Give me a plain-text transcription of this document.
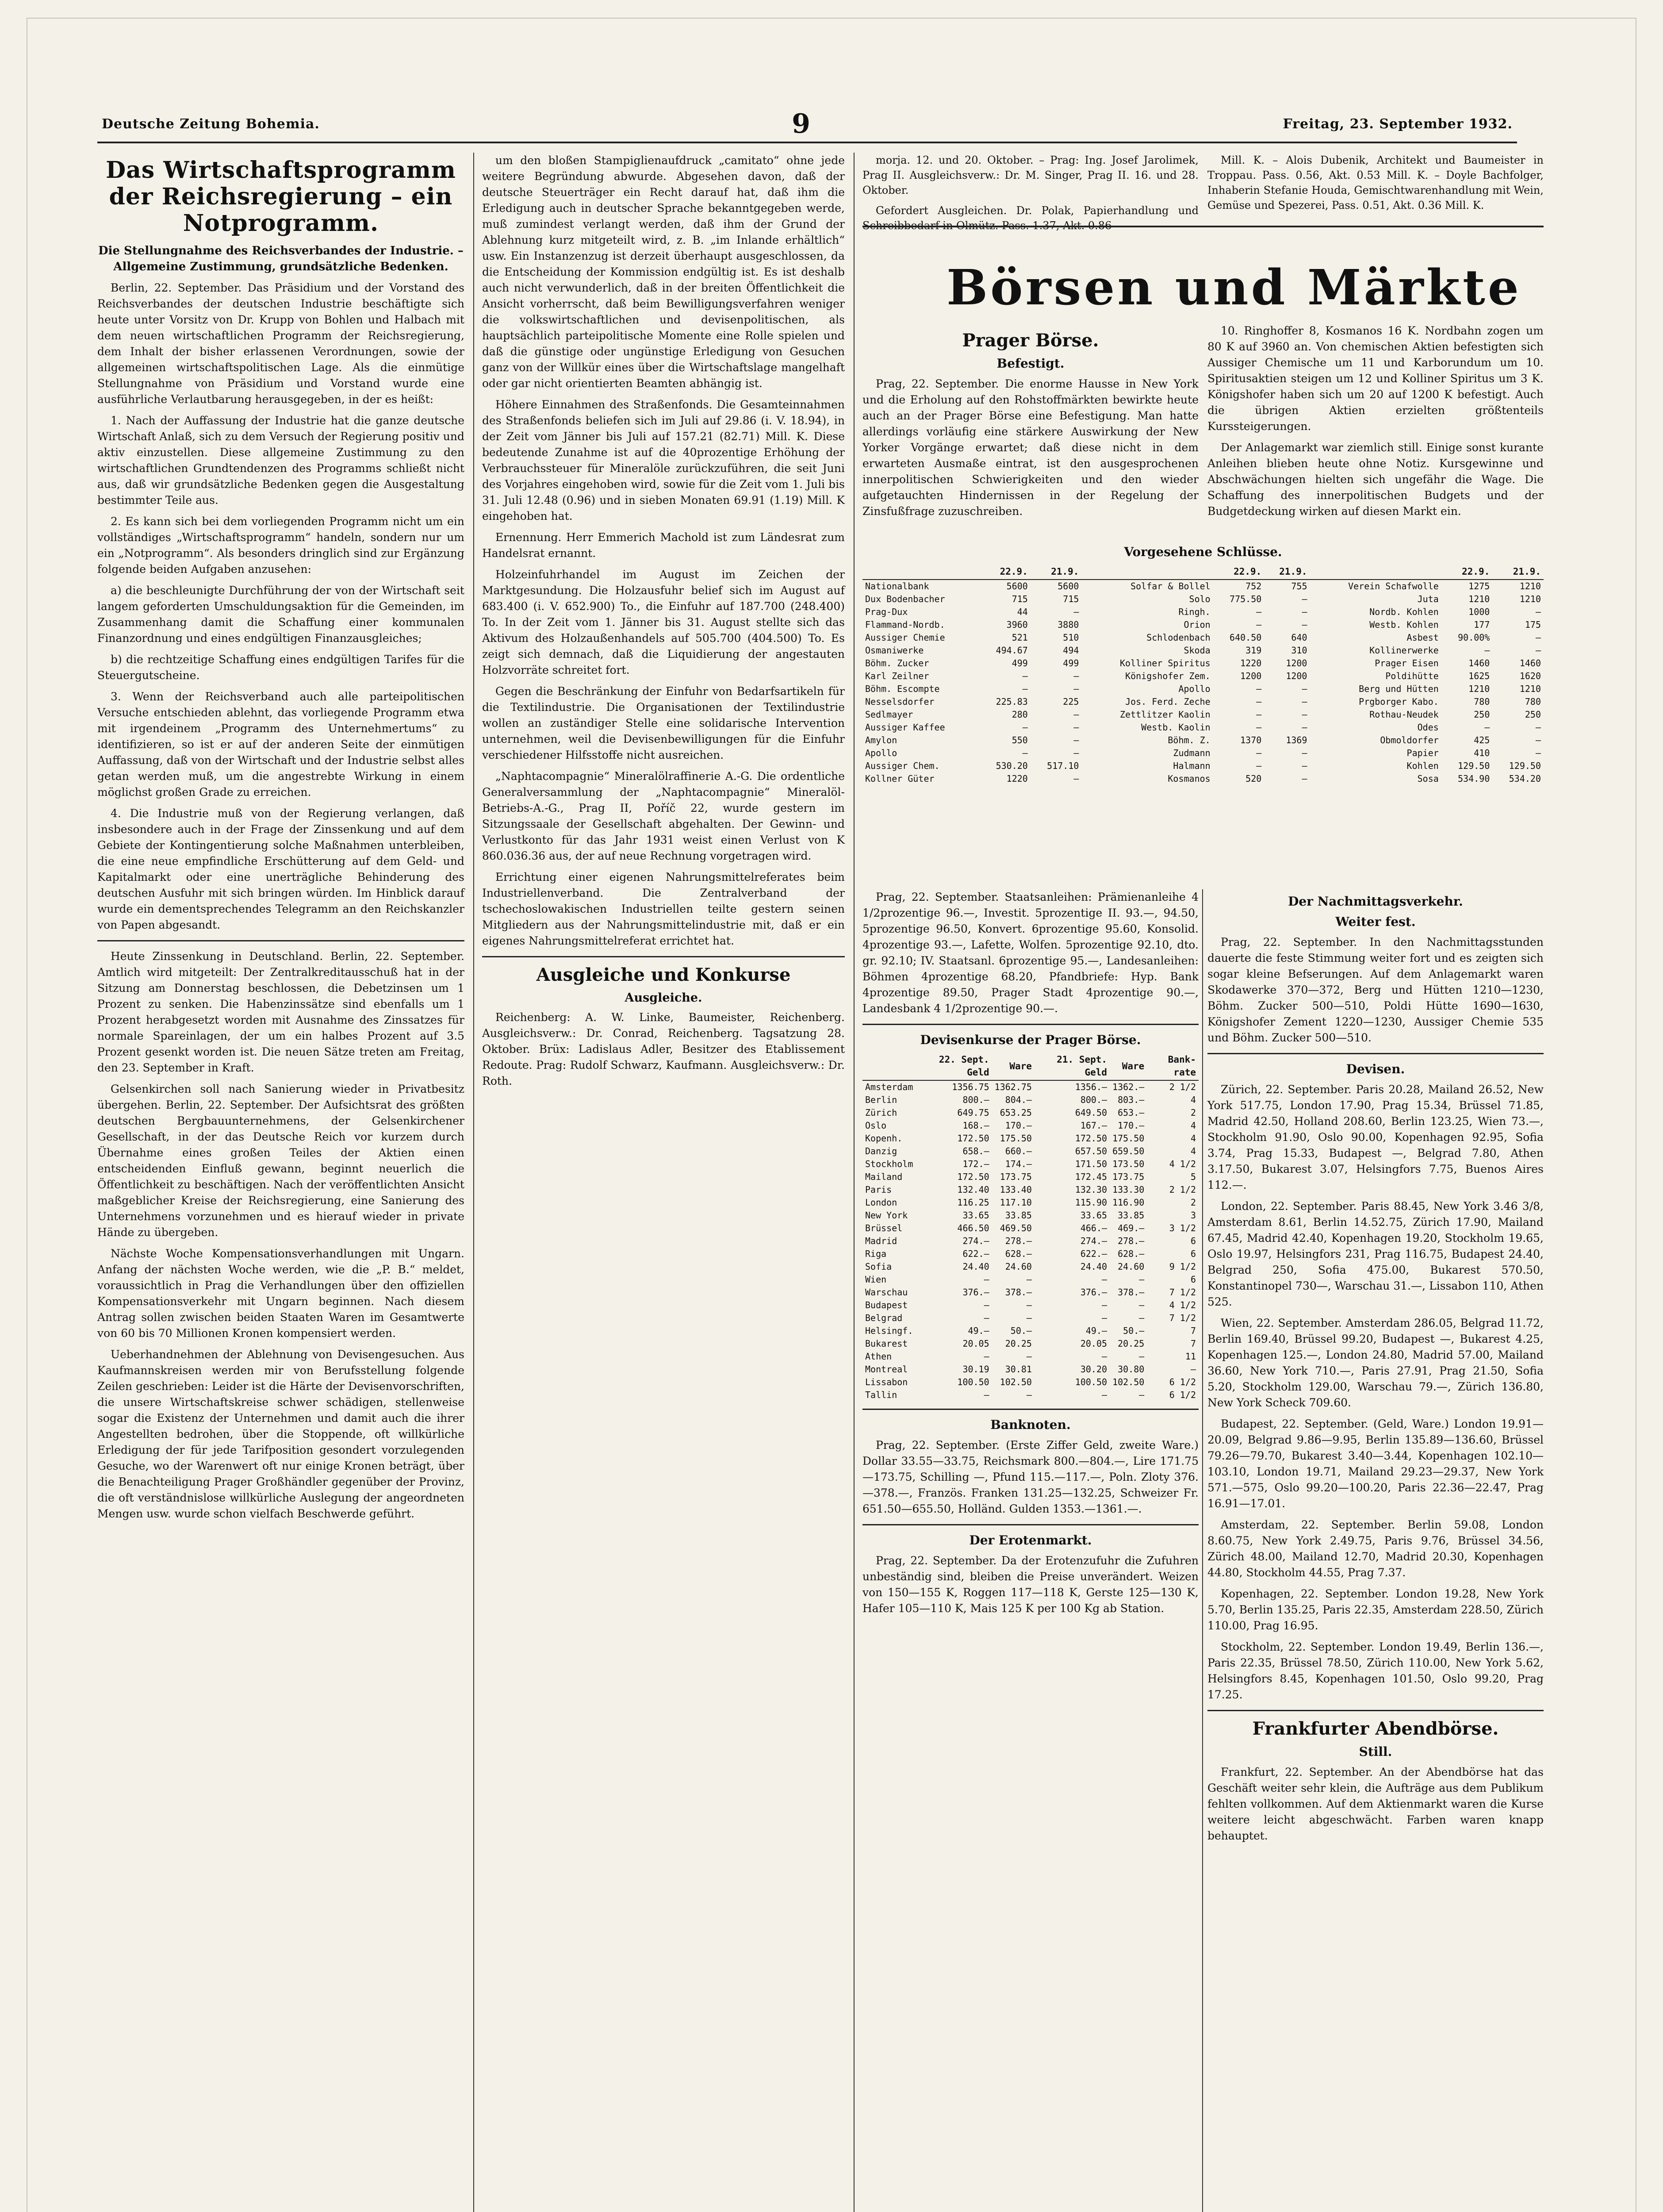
Deutsche Zeitung Bohemia.	9	Freitag, 23. September 1932.
Das Wirtschaftsprogramm der Reichsregierung – ein Notprogramm.
Die Stellungnahme des Reichsverbandes der Industrie. – Allgemeine Zustimmung, grundsätzliche Bedenken.

Berlin, 22. September. Das Präsidium und der Vorstand des Reichsverbandes der deutschen Industrie beschäftigte sich heute unter Vorsitz von Dr. Krupp von Bohlen und Halbach mit dem neuen wirtschaftlichen Programm der Reichsregierung, dem Inhalt der bisher erlassenen Verordnungen, sowie der allgemeinen wirtschaftspolitischen Lage. Als die einmütige Stellungnahme von Präsidium und Vorstand wurde eine ausführliche Verlautbarung herausgegeben, in der es heißt:

1. Nach der Auffassung der Industrie hat die ganze deutsche Wirtschaft Anlaß, sich zu dem Versuch der Regierung positiv und aktiv einzustellen. Diese allgemeine Zustimmung zu den wirtschaftlichen Grundtendenzen des Programms schließt nicht aus, daß wir grundsätzliche Bedenken gegen die Ausgestaltung bestimmter Teile aus.

2. Es kann sich bei dem vorliegenden Programm nicht um ein vollständiges „Wirtschaftsprogramm“ handeln, sondern nur um ein „Notprogramm“. Als besonders dringlich sind zur Ergänzung folgende beiden Aufgaben anzusehen:

a) die beschleunigte Durchführung der von der Wirtschaft seit langem geforderten Umschuldungsaktion für die Gemeinden, im Zusammenhang damit die Schaffung einer kommunalen Finanzordnung und eines endgültigen Finanzausgleiches;

b) die rechtzeitige Schaffung eines endgültigen Tarifes für die Steuergutscheine.

3. Wenn der Reichsverband auch alle parteipolitischen Versuche entschieden ablehnt, das vorliegende Programm etwa mit irgendeinem „Programm des Unternehmertums“ zu identifizieren, so ist er auf der anderen Seite der einmütigen Auffassung, daß von der Wirtschaft und der Industrie selbst alles getan werden muß, um die angestrebte Wirkung in einem möglichst großen Grade zu erreichen.

4. Die Industrie muß von der Regierung verlangen, daß insbesondere auch in der Frage der Zinssenkung und auf dem Gebiete der Kontingentierung solche Maßnahmen unterbleiben, die eine neue empfindliche Erschütterung auf dem Geld- und Kapitalmarkt oder eine unerträgliche Behinderung des deutschen Ausfuhr mit sich bringen würden. Im Hinblick darauf wurde ein dementsprechendes Telegramm an den Reichskanzler von Papen abgesandt.

Heute Zinssenkung in Deutschland. Berlin, 22. September. Amtlich wird mitgeteilt: Der Zentralkreditausschuß hat in der Sitzung am Donnerstag beschlossen, die Debetzinsen um 1 Prozent zu senken. Die Habenzinssätze sind ebenfalls um 1 Prozent herabgesetzt worden mit Ausnahme des Zinssatzes für normale Spareinlagen, der um ein halbes Prozent auf 3.5 Prozent gesenkt worden ist. Die neuen Sätze treten am Freitag, den 23. September in Kraft.

Gelsenkirchen soll nach Sanierung wieder in Privatbesitz übergehen. Berlin, 22. September. Der Aufsichtsrat des größten deutschen Bergbauunternehmens, der Gelsenkirchener Gesellschaft, in der das Deutsche Reich vor kurzem durch Übernahme eines großen Teiles der Aktien einen entscheidenden Einfluß gewann, beginnt neuerlich die Öffentlichkeit zu beschäftigen. Nach der veröffentlichten Ansicht maßgeblicher Kreise der Reichsregierung, eine Sanierung des Unternehmens vorzunehmen und es hierauf wieder in private Hände zu übergeben.

Nächste Woche Kompensationsverhandlungen mit Ungarn. Anfang der nächsten Woche werden, wie die „P. B.“ meldet, voraussichtlich in Prag die Verhandlungen über den offiziellen Kompensationsverkehr mit Ungarn beginnen. Nach diesem Antrag sollen zwischen beiden Staaten Waren im Gesamtwerte von 60 bis 70 Millionen Kronen kompensiert werden.

Ueberhandnehmen der Ablehnung von Devisengesuchen. Aus Kaufmannskreisen werden mir von Berufsstellung folgende Zeilen geschrieben: Leider ist die Härte der Devisenvorschriften, die unsere Wirtschaftskreise schwer schädigen, stellenweise sogar die Existenz der Unternehmen und damit auch die ihrer Angestellten bedrohen, über die Stoppende, oft willkürliche Erledigung der für jede Tarifposition gesondert vorzulegenden Gesuche, wo der Warenwert oft nur einige Kronen beträgt, über die Benachteiligung Prager Großhändler gegenüber der Provinz, die oft verständnislose willkürliche Auslegung der angeordneten Mengen usw. wurde schon vielfach Beschwerde geführt.

um den bloßen Stampiglienaufdruck „camitato“ ohne jede weitere Begründung abwurde. Abgesehen davon, daß der deutsche Steuerträger ein Recht darauf hat, daß ihm die Erledigung auch in deutscher Sprache bekanntgegeben werde, muß zumindest verlangt werden, daß ihm der Grund der Ablehnung kurz mitgeteilt wird, z. B. „im Inlande erhältlich“ usw. Ein Instanzenzug ist derzeit überhaupt ausgeschlossen, da die Entscheidung der Kommission endgültig ist. Es ist deshalb auch nicht verwunderlich, daß in der breiten Öffentlichkeit die Ansicht vorherrscht, daß beim Bewilligungsverfahren weniger die volkswirtschaftlichen und devisenpolitischen, als hauptsächlich parteipolitische Momente eine Rolle spielen und daß die günstige oder ungünstige Erledigung von Gesuchen ganz von der Willkür eines über die Wirtschaftslage mangelhaft oder gar nicht orientierten Beamten abhängig ist.

Höhere Einnahmen des Straßenfonds. Die Gesamteinnahmen des Straßenfonds beliefen sich im Juli auf 29.86 (i. V. 18.94), in der Zeit vom Jänner bis Juli auf 157.21 (82.71) Mill. K. Diese bedeutende Zunahme ist auf die 40prozentige Erhöhung der Verbrauchssteuer für Mineralöle zurückzuführen, die seit Juni des Vorjahres eingehoben wird, sowie für die Zeit vom 1. Juli bis 31. Juli 12.48 (0.96) und in sieben Monaten 69.91 (1.19) Mill. K eingehoben hat.

Ernennung. Herr Emmerich Machold ist zum Ländesrat zum Handelsrat ernannt.

Holzeinfuhrhandel im August im Zeichen der Marktgesundung. Die Holzausfuhr belief sich im August auf 683.400 (i. V. 652.900) To., die Einfuhr auf 187.700 (248.400) To. In der Zeit vom 1. Jänner bis 31. August stellte sich das Aktivum des Holzaußenhandels auf 505.700 (404.500) To. Es zeigt sich demnach, daß die Liquidierung der angestauten Holzvorräte schreitet fort.

Gegen die Beschränkung der Einfuhr von Bedarfsartikeln für die Textilindustrie. Die Organisationen der Textilindustrie wollen an zuständiger Stelle eine solidarische Intervention unternehmen, weil die Devisenbewilligungen für die Einfuhr verschiedener Hilfsstoffe nicht ausreichen.

„Naphtacompagnie“ Mineralölraffinerie A.-G. Die ordentliche Generalversammlung der „Naphtacompagnie“ Mineralöl-Betriebs-A.-G., Prag II, Poříč 22, wurde gestern im Sitzungssaale der Gesellschaft abgehalten. Der Gewinn- und Verlustkonto für das Jahr 1931 weist einen Verlust von K 860.036.36 aus, der auf neue Rechnung vorgetragen wird.

Errichtung einer eigenen Nahrungsmittelreferates beim Industriellenverband. Die Zentralverband der tschechoslowakischen Industriellen teilte gestern seinen Mitgliedern aus der Nahrungsmittelindustrie mit, daß er ein eigenes Nahrungsmittelreferat errichtet hat.

Ausgleiche und Konkurse
Ausgleiche.

Reichenberg: A. W. Linke, Baumeister, Reichenberg. Ausgleichsverw.: Dr. Conrad, Reichenberg. Tagsatzung 28. Oktober. Brüx: Ladislaus Adler, Besitzer des Etablissement Redoute. Prag: Rudolf Schwarz, Kaufmann. Ausgleichsverw.: Dr. Roth.

morja. 12. und 20. Oktober. – Prag: Ing. Josef Jarolimek, Prag II. Ausgleichsverw.: Dr. M. Singer, Prag II. 16. und 28. Oktober.

Gefordert Ausgleichen. Dr. Polak, Papierhandlung und

Mill. K. – Alois Dubenik, Architekt und Baumeister in Troppau. Pass. 0.56, Akt. 0.53 Mill. K. – Doyle Bachfolger, Inhaberin Stefanie Houda, Gemischtwarenhandlung mit Wein, Gemüse und Spezerei, Pass. 0.51, Akt. 0.36 Mill. K.

Börsen und Märkte
Prager Börse.
Befestigt.

Prag, 22. September. Die enorme Hausse in New York und die Erholung auf den Rohstoffmärkten bewirkte heute auch an der Prager Börse eine Befestigung. Man hatte allerdings vorläufig eine stärkere Auswirkung der New Yorker Vorgänge erwartet; daß diese nicht in dem erwarteten Ausmaße eintrat, ist den ausgesprochenen innerpolitischen Schwierigkeiten und den wieder aufgetauchten Hindernissen in der Regelung der Zinsfußfrage zuzuschreiben.

10. Ringhoffer 8, Kosmanos 16 K. Nordbahn zogen um 80 K auf 3960 an. Von chemischen Aktien befestigten sich Aussiger Chemische um 11 und Karborundum um 10. Spiritusaktien steigen um 12 und Kolliner Spiritus um 3 K. Königshofer haben sich um 20 auf 1200 K befestigt. Auch die übrigen Aktien erzielten größtenteils Kurssteigerungen.

Der Anlagemarkt war ziemlich still. Einige sonst kurante Anleihen blieben heute ohne Notiz. Kursgewinne und Abschwächungen hielten sich ungefähr die Wage. Die Schaffung des innerpolitischen Budgets und der Budgetdeckung wirken auf diesen Markt ein.

Vorgesehene Schlüsse.
	22.9.	21.9.		22.9.	21.9.		22.9.	21.9.
Nationalbank	5600	5600	Solfar & Bollel	752	755	Verein Schafwolle	1275	1210
Dux Bodenbacher	715	715	Solo	775.50	—	Juta	1210	1210
Prag-Dux	44	—	Ringh.	—	—	Nordb. Kohlen	1000	—
Flammand-Nordb.	3960	3880	Orion	—	—	Westb. Kohlen	177	175
Aussiger Chemie	521	510	Schlodenbach	640.50	640	Asbest	90.00%	—
Osmaniwerke	494.67	494	Skoda	319	310	Kollinerwerke	—	—
Böhm. Zucker	499	499	Kolliner Spiritus	1220	1200	Prager Eisen	1460	1460
Karl Zeilner	—	—	Königshofer Zem.	1200	1200	Poldihütte	1625	1620
Böhm. Escompte	—	—	Apollo	—	—	Berg und Hütten	1210	1210
Nesselsdorfer	225.83	225	Jos. Ferd. Zeche	—	—	Prgborger Kabo.	780	780
Sedlmayer	280	—	Zettlitzer Kaolin	—	—	Rothau-Neudek	250	250
Aussiger Kaffee	—	—	Westb. Kaolin	—	—	Odes	—	—
Amylon	550	—	Böhm. Z.	1370	1369	Obmoldorfer	425	—
Apollo	—	—	Zudmann	—	—	Papier	410	—
Aussiger Chem.	530.20	517.10	Halmann	—	—	Kohlen	129.50	129.50
Kollner Güter	1220	—	Kosmanos	520	—	Sosa	534.90	534.20

Prag, 22. September. Staatsanleihen: Prämienanleihe 4 1/2prozentige 96.—, Investit. 5prozentige II. 93.—, 94.50, 5prozentige 96.50, Konvert. 6prozentige 95.60, Konsolid. 4prozentige 93.—, Lafette, Wolfen. 5prozentige 92.10, dto. gr. 92.10; IV. Staatsanl. 6prozentige 95.—, Landesanleihen: Böhmen 4prozentige 68.20, Pfandbriefe: Hyp. Bank 4prozentige 89.50, Prager Stadt 4prozentige 90.—, Landesbank 4 1/2prozentige 90.—.

Devisenkurse der Prager Börse.
	22. Sept. Geld	Ware	21. Sept. Geld	Ware	Bank-rate
Amsterdam	1356.75	1362.75	1356.—	1362.—	2 1/2
Berlin	800.—	804.—	800.—	803.—	4
Zürich	649.75	653.25	649.50	653.—	2
Oslo	168.—	170.—	167.—	170.—	4
Kopenh.	172.50	175.50	172.50	175.50	4
Danzig	658.—	660.—	657.50	659.50	4
Stockholm	172.—	174.—	171.50	173.50	4 1/2
Mailand	172.50	173.75	172.45	173.75	5
Paris	132.40	133.40	132.30	133.30	2 1/2
London	116.25	117.10	115.90	116.90	2
New York	33.65	33.85	33.65	33.85	3
Brüssel	466.50	469.50	466.—	469.—	3 1/2
Madrid	274.—	278.—	274.—	278.—	6
Riga	622.—	628.—	622.—	628.—	6
Sofia	24.40	24.60	24.40	24.60	9 1/2
Wien	—	—	—	—	6
Warschau	376.—	378.—	376.—	378.—	7 1/2
Budapest	—	—	—	—	4 1/2
Belgrad	—	—	—	—	7 1/2
Helsingf.	49.—	50.—	49.—	50.—	7
Bukarest	20.05	20.25	20.05	20.25	7
Athen	—	—	—	—	11
Montreal	30.19	30.81	30.20	30.80	—
Lissabon	100.50	102.50	100.50	102.50	6 1/2
Tallin	—	—	—	—	6 1/2
Banknoten.

Prag, 22. September. (Erste Ziffer Geld, zweite Ware.) Dollar 33.55—33.75, Reichsmark 800.—804.—, Lire 171.75—173.75, Schilling —, Pfund 115.—117.—, Poln. Zloty 376.—378.—, Französ. Franken 131.25—132.25, Schweizer Fr. 651.50—655.50, Holländ. Gulden 1353.—1361.—.

Der Erotenmarkt.

Prag, 22. September. Da der Erotenzufuhr die Zufuhren unbeständig sind, bleiben die Preise unverändert. Weizen von 150—155 K, Roggen 117—118 K, Gerste 125—130 K, Hafer 105—110 K, Mais 125 K per 100 Kg ab Station.

Der Nachmittagsverkehr.
Weiter fest.

Prag, 22. September. In den Nachmittagsstunden dauerte die feste Stimmung weiter fort und es zeigten sich sogar kleine Befserungen. Auf dem Anlagemarkt waren Skodawerke 370—372, Berg und Hütten 1210—1230, Böhm. Zucker 500—510, Poldi Hütte 1690—1630, Königshofer Zement 1220—1230, Aussiger Chemie 535 und Böhm. Zucker 500—510.

Devisen.

Zürich, 22. September. Paris 20.28, Mailand 26.52, New York 517.75, London 17.90, Prag 15.34, Brüssel 71.85, Madrid 42.50, Holland 208.60, Berlin 123.25, Wien 73.—, Stockholm 91.90, Oslo 90.00, Kopenhagen 92.95, Sofia 3.74, Prag 15.33, Budapest —, Belgrad 7.80, Athen 3.17.50, Bukarest 3.07, Helsingfors 7.75, Buenos Aires 112.—.

London, 22. September. Paris 88.45, New York 3.46 3/8, Amsterdam 8.61, Berlin 14.52.75, Zürich 17.90, Mailand 67.45, Madrid 42.40, Kopenhagen 19.20, Stockholm 19.65, Oslo 19.97, Helsingfors 231, Prag 116.75, Budapest 24.40, Belgrad 250, Sofia 475.00, Bukarest 570.50, Konstantinopel 730—, Warschau 31.—, Lissabon 110, Athen 525.

Wien, 22. September. Amsterdam 286.05, Belgrad 11.72, Berlin 169.40, Brüssel 99.20, Budapest —, Bukarest 4.25, Kopenhagen 125.—, London 24.80, Madrid 57.00, Mailand 36.60, New York 710.—, Paris 27.91, Prag 21.50, Sofia 5.20, Stockholm 129.00, Warschau 79.—, Zürich 136.80, New York Scheck 709.60.

Budapest, 22. September. (Geld, Ware.) London 19.91—20.09, Belgrad 9.86—9.95, Berlin 135.89—136.60, Brüssel 79.26—79.70, Bukarest 3.40—3.44, Kopenhagen 102.10—103.10, London 19.71, Mailand 29.23—29.37, New York 571.—575, Oslo 99.20—100.20, Paris 22.36—22.47, Prag 16.91—17.01.

Amsterdam, 22. September. Berlin 59.08, London 8.60.75, New York 2.49.75, Paris 9.76, Brüssel 34.56, Zürich 48.00, Mailand 12.70, Madrid 20.30, Kopenhagen 44.80, Stockholm 44.55, Prag 7.37.

Kopenhagen, 22. September. London 19.28, New York 5.70, Berlin 135.25, Paris 22.35, Amsterdam 228.50, Zürich 110.00, Prag 16.95.

Stockholm, 22. September. London 19.49, Berlin 136.—, Paris 22.35, Brüssel 78.50, Zürich 110.00, New York 5.62, Helsingfors 8.45, Kopenhagen 101.50, Oslo 99.20, Prag 17.25.

Frankfurter Abendbörse.
Still.

Frankfurt, 22. September. An der Abendbörse hat das Geschäft weiter sehr klein, die Aufträge aus dem Publikum fehlten vollkommen. Auf dem Aktienmarkt waren die Kurse weitere leicht abgeschwächt. Farben waren knapp behauptet.
